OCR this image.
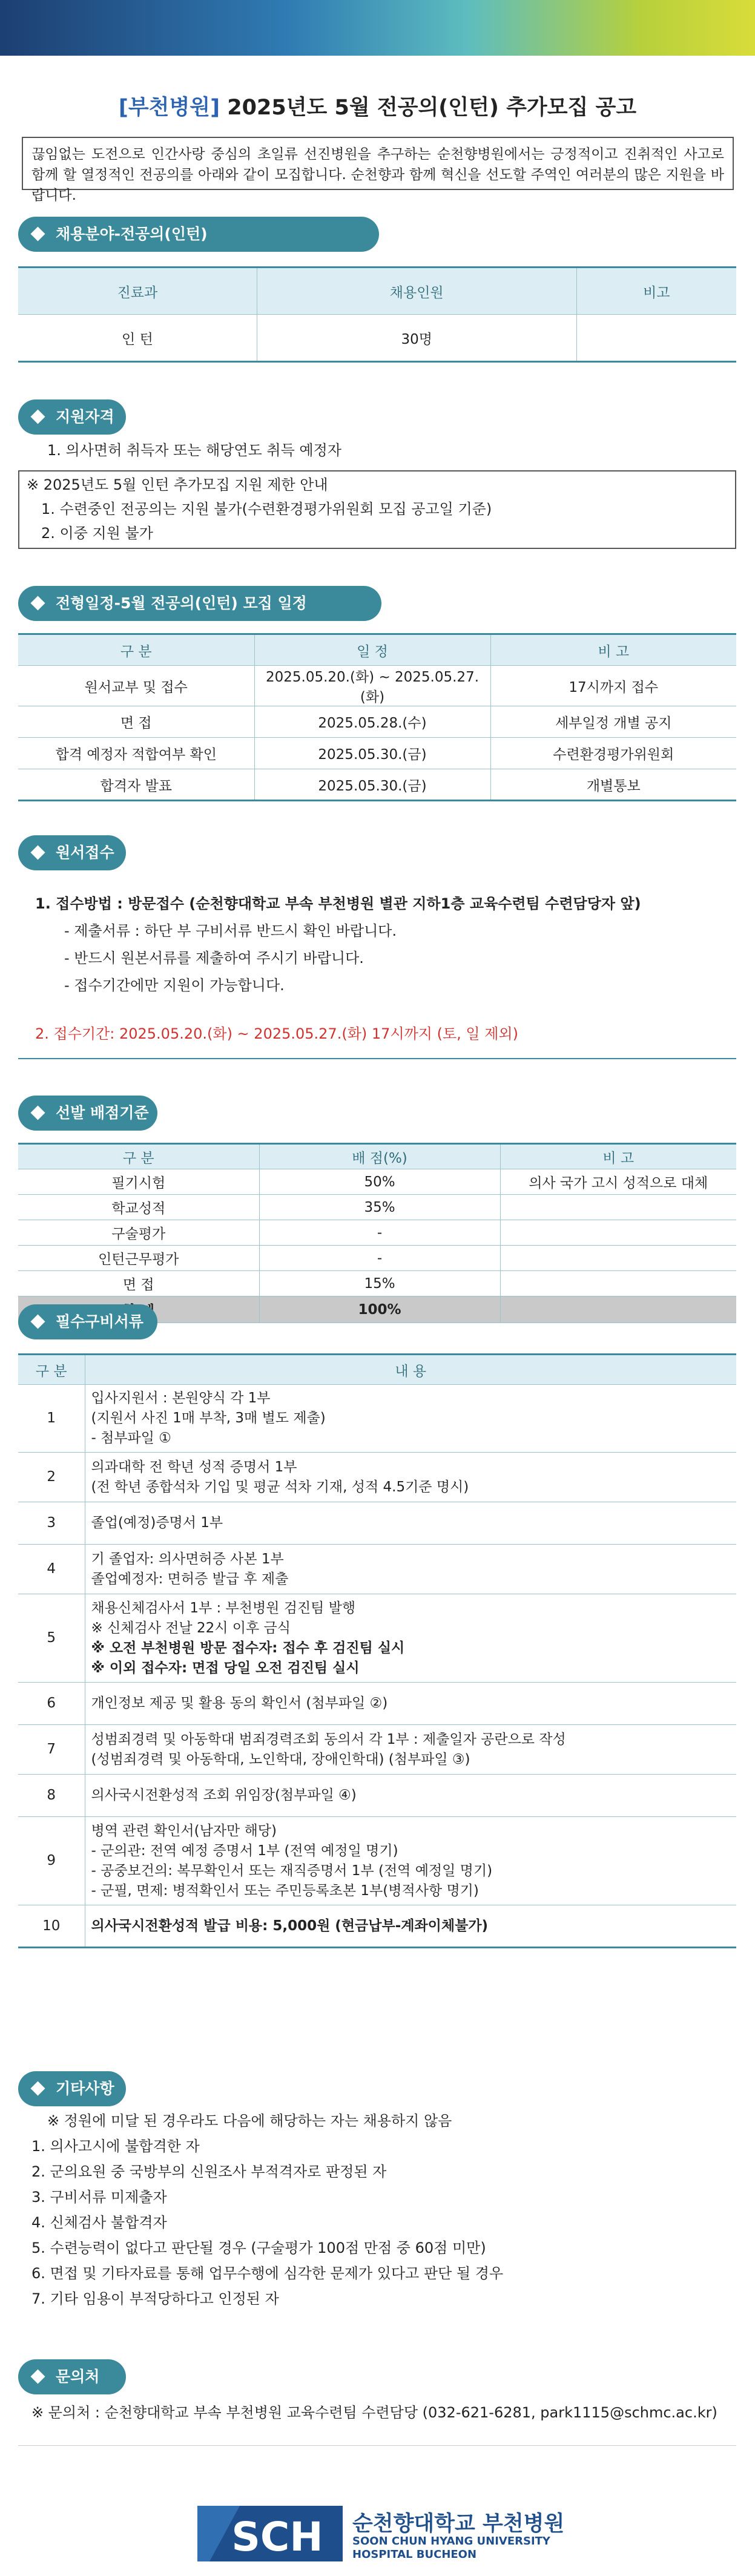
[부천병원] 2025년도 5월 전공의(인턴) 추가모집 공고
끊임없는 도전으로 인간사랑 중심의 초일류 선진병원을 추구하는 순천향병원에서는 긍정적이고 진취적인 사고로 함께 할 열정적인 전공의를 아래와 같이 모집합니다. 순천향과 함께 혁신을 선도할 주역인 여러분의 많은 지원을 바랍니다.
채용분야-전공의(인턴)
진료과	채용인원	비고
인 턴	30명	
지원자격
1. 의사면허 취득자 또는 해당연도 취득 예정자
※ 2025년도 5월 인턴 추가모집 지원 제한 안내
1. 수련중인 전공의는 지원 불가(수련환경평가위원회 모집 공고일 기준)
2. 이중 지원 불가
전형일정-5월 전공의(인턴) 모집 일정
구 분	일 정	비 고
원서교부 및 접수	2025.05.20.(화) ~ 2025.05.27.(화)	17시까지 접수
면 접	2025.05.28.(수)	세부일정 개별 공지
합격 예정자 적합여부 확인	2025.05.30.(금)	수련환경평가위원회
합격자 발표	2025.05.30.(금)	개별통보
원서접수
1. 접수방법 : 방문접수 (순천향대학교 부속 부천병원 별관 지하1층 교육수련팀 수련담당자 앞)
- 제출서류 : 하단 부 구비서류 반드시 확인 바랍니다.
- 반드시 원본서류를 제출하여 주시기 바랍니다.
- 접수기간에만 지원이 가능합니다.
2. 접수기간: 2025.05.20.(화) ~ 2025.05.27.(화) 17시까지 (토, 일 제외)
선발 배점기준
구 분	배 점(%)	비 고
필기시험	50%	의사 국가 고시 성적으로 대체
학교성적	35%	
구술평가	-	
인턴근무평가	-	
면 접	15%	
	100%	
필수구비서류
구 분	내 용
1	입사지원서 : 본원양식 각 1부
(지원서 사진 1매 부착, 3매 별도 제출)
- 첨부파일 ①

2	의과대학 전 학년 성적 증명서 1부
(전 학년 종합석차 기입 및 평균 석차 기재, 성적 4.5기준 명시)

3	졸업(예정)증명서 1부

4	기 졸업자: 의사면허증 사본 1부
졸업예정자: 면허증 발급 후 제출

5	채용신체검사서 1부 : 부천병원 검진팀 발행
※ 신체검사 전날 22시 이후 금식
※ 오전 부천병원 방문 접수자: 접수 후 검진팀 실시
※ 이외 접수자: 면접 당일 오전 검진팀 실시

6	개인정보 제공 및 활용 동의 확인서 (첨부파일 ②)

7	성범죄경력 및 아동학대 범죄경력조회 동의서 각 1부 : 제출일자 공란으로 작성
(성범죄경력 및 아동학대, 노인학대, 장애인학대) (첨부파일 ③)

8	의사국시전환성적 조회 위임장(첨부파일 ④)

9	병역 관련 확인서(남자만 해당)
- 군의관: 전역 예정 증명서 1부 (전역 예정일 명기)
- 공중보건의: 복무확인서 또는 재직증명서 1부 (전역 예정일 명기)
- 군필, 면제: 병적확인서 또는 주민등록초본 1부(병적사항 명기)

10	의사국시전환성적 발급 비용: 5,000원 (현금납부-계좌이체불가)
기타사항
※ 정원에 미달 된 경우라도 다음에 해당하는 자는 채용하지 않음
1. 의사고시에 불합격한 자
2. 군의요원 중 국방부의 신원조사 부적격자로 판정된 자
3. 구비서류 미제출자
4. 신체검사 불합격자
5. 수련능력이 없다고 판단될 경우 (구술평가 100점 만점 중 60점 미만)
6. 면접 및 기타자료를 통해 업무수행에 심각한 문제가 있다고 판단 될 경우
7. 기타 임용이 부적당하다고 인정된 자
문의처
※ 문의처 : 순천향대학교 부속 부천병원 교육수련팀 수련담당 (032-621-6281, park1115@schmc.ac.kr)
SCH 순천향대학교 부천병원
SOON CHUN HYANG UNIVERSITY
HOSPITAL BUCHEON
